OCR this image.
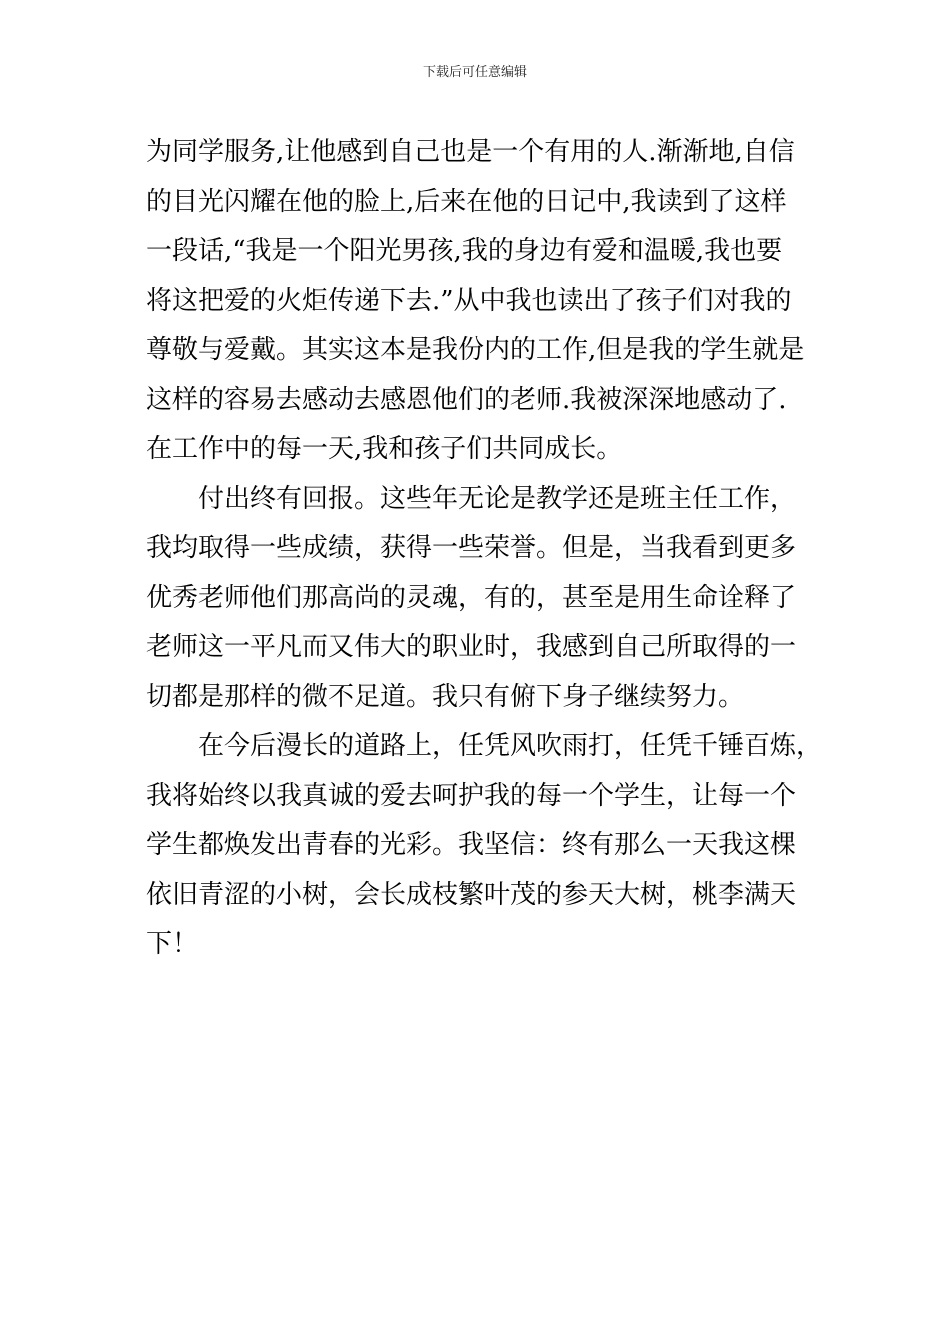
下载后可任意编辑
为同学服务,让他感到自己也是一个有用的人.渐渐地,自信
的目光闪耀在他的脸上,后来在他的日记中,我读到了这样
一段话,“我是一个阳光男孩,我的身边有爱和温暖,我也要
将这把爱的火炬传递下去.”从中我也读出了孩子们对我的
尊敬与爱戴。其实这本是我份内的工作,但是我的学生就是
这样的容易去感动去感恩他们的老师.我被深深地感动了.
在工作中的每一天,我和孩子们共同成长。
付出终有回报。这些年无论是教学还是班主任工作，
我均取得一些成绩，获得一些荣誉。但是，当我看到更多
优秀老师他们那高尚的灵魂，有的，甚至是用生命诠释了
老师这一平凡而又伟大的职业时，我感到自己所取得的一
切都是那样的微不足道。我只有俯下身子继续努力。
在今后漫长的道路上，任凭风吹雨打，任凭千锤百炼，
我将始终以我真诚的爱去呵护我的每一个学生，让每一个
学生都焕发出青春的光彩。我坚信：终有那么一天我这棵
依旧青涩的小树，会长成枝繁叶茂的参天大树，桃李满天
下！
